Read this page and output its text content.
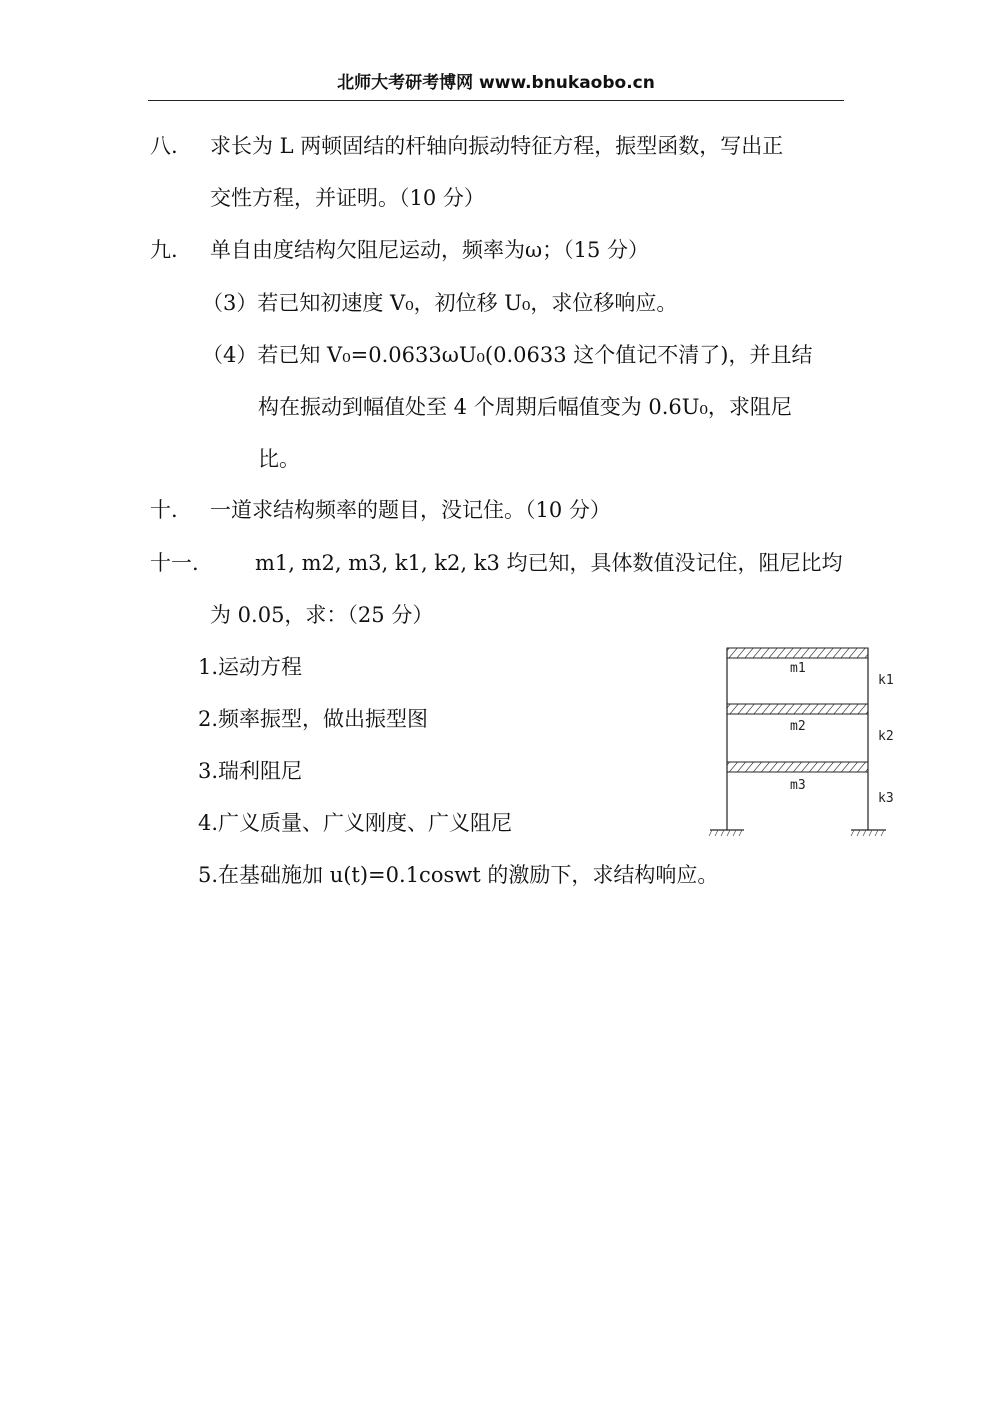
北师大考研考博网 www.bnukaobo.cn
八. 求长为 L 两顿固结的杆轴向振动特征方程，振型函数，写出正
交性方程，并证明。（10 分）
九. 单自由度结构欠阻尼运动，频率为ω；（15 分）
（3）若已知初速度 V₀，初位移 U₀，求位移响应。
（4）若已知 V₀=0.0633ωU₀(0.0633 这个值记不清了)，并且结
构在振动到幅值处至 4 个周期后幅值变为 0.6U₀，求阻尼
比。
十. 一道求结构频率的题目，没记住。（10 分）
十一.	m1, m2, m3, k1, k2, k3 均已知，具体数值没记住，阻尼比均
为 0.05，求：（25 分）
1.运动方程
2.频率振型，做出振型图
3.瑞利阻尼
4.广义质量、广义刚度、广义阻尼
5.在基础施加 u(t)=0.1coswt 的激励下，求结构响应。
m1
m2
m3
k1
k2
k3
